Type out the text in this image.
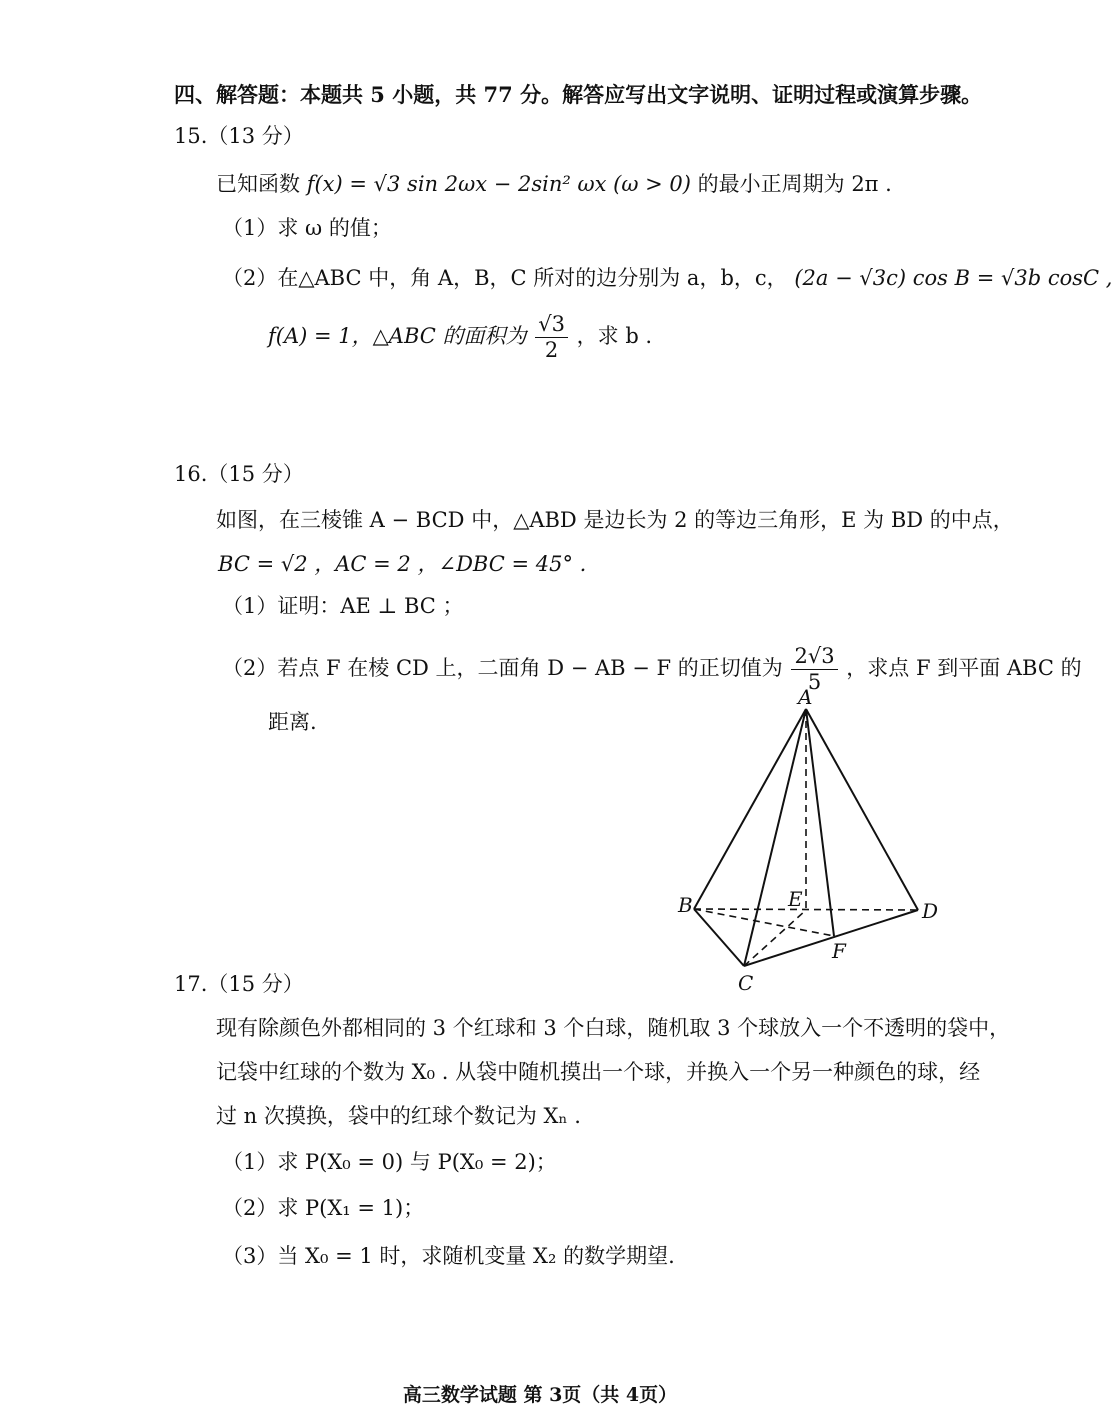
四、解答题：本题共 5 小题，共 77 分。解答应写出文字说明、证明过程或演算步骤。
15.（13 分）
已知函数 f(x) = √3 sin 2ωx − 2sin² ωx (ω > 0) 的最小正周期为 2π .
（1）求 ω 的值；
（2）在△ABC 中，角 A，B，C 所对的边分别为 a，b，c， (2a − √3c) cos B = √3b cosC ,
f(A) = 1，△ABC 的面积为 $\frac{√3}{2}$ ，求 b .
16.（15 分）
如图，在三棱锥 A − BCD 中，△ABD 是边长为 2 的等边三角形，E 为 BD 的中点，
BC = √2 ，AC = 2 ，∠DBC = 45° .
（1）证明：AE ⊥ BC ；
（2）若点 F 在棱 CD 上，二面角 D − AB − F 的正切值为 $\frac{2√3}{5}$ ，求点 F 到平面 ABC 的
距离.
A
B
C
D
E
F
17.（15 分）
现有除颜色外都相同的 3 个红球和 3 个白球，随机取 3 个球放入一个不透明的袋中，
记袋中红球的个数为 X₀ . 从袋中随机摸出一个球，并换入一个另一种颜色的球，经
过 n 次摸换，袋中的红球个数记为 Xₙ .
（1）求 P(X₀ = 0) 与 P(X₀ = 2)；
（2）求 P(X₁ = 1)；
（3）当 X₀ = 1 时，求随机变量 X₂ 的数学期望.
高三数学试题 第 3页（共 4页）
